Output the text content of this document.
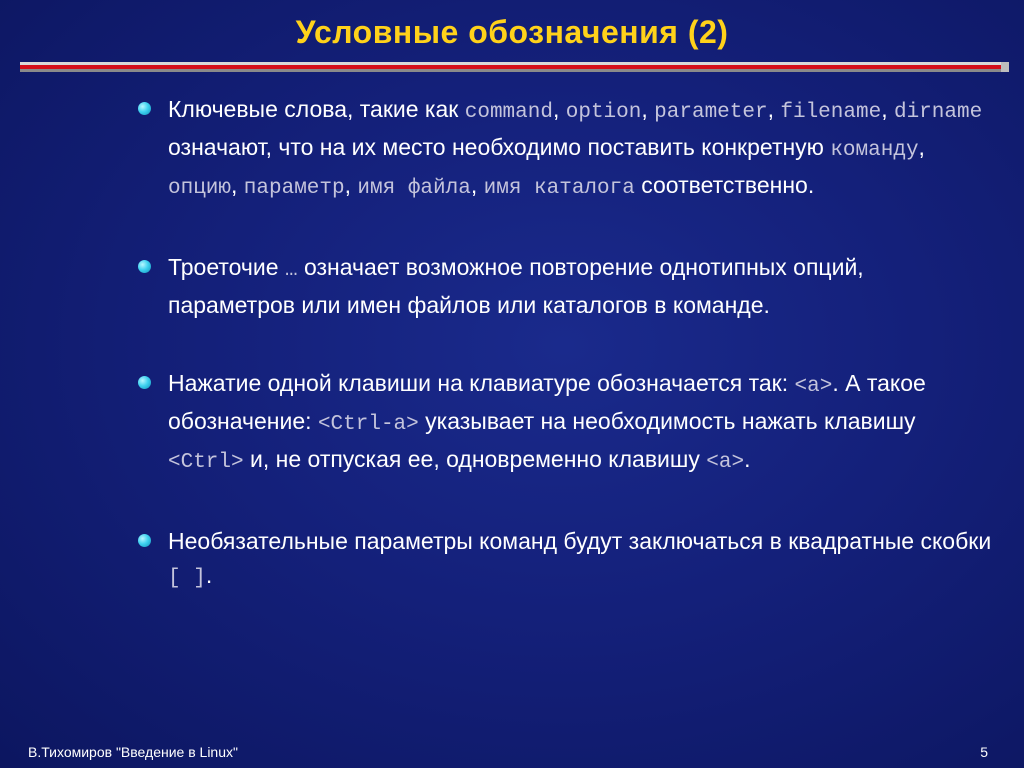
Условные обозначения (2)
Ключевые слова, такие как command, option, parameter, filename, dirname означают, что на их место необходимо поставить конкретную команду, опцию, параметр, имя файла, имя каталога соответственно.
Троеточие … означает возможное повторение однотипных опций, параметров или имен файлов или каталогов в команде.
Нажатие одной клавиши на клавиатуре обозначается так: <a>. А такое обозначение: <Ctrl-a> указывает на необходимость нажать клавишу <Ctrl> и, не отпуская ее, одновременно клавишу <a>.
Необязательные параметры команд будут заключаться в квадратные скобки [ ].
В.Тихомиров "Введение в Linux"	5
